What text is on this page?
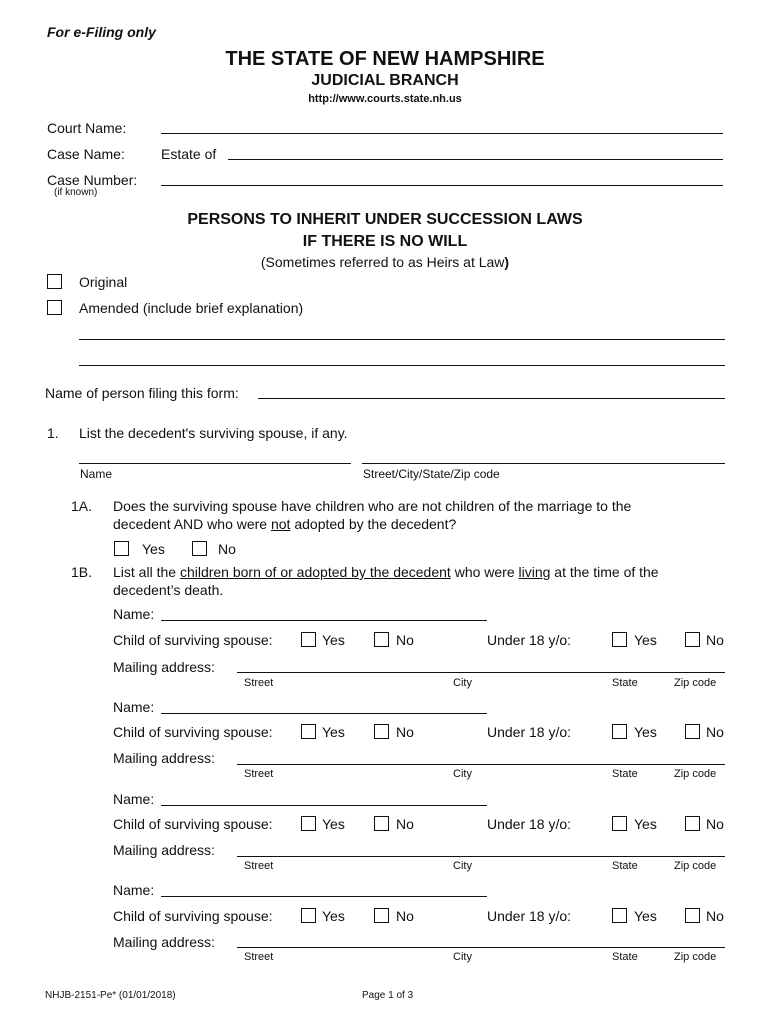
For e-Filing only
THE STATE OF NEW HAMPSHIRE
JUDICIAL BRANCH
http://www.courts.state.nh.us
Court Name:
Case Name:	Estate of
Case Number:
(if known)
PERSONS TO INHERIT UNDER SUCCESSION LAWS
IF THERE IS NO WILL
(Sometimes referred to as Heirs at Law)
Original
Amended (include brief explanation)
Name of person filing this form:
1. List the decedent's surviving spouse, if any.
Name	Street/City/State/Zip code
1A. Does the surviving spouse have children who are not children of the marriage to the
decedent AND who were not adopted by the decedent?
Yes	No
1B. List all the children born of or adopted by the decedent who were living at the time of the
decedent’s death.
Name:
Child of surviving spouse:	Yes	No	Under 18 y/o:	Yes	No
Mailing address:
Street	City	State	Zip code
Name:
Child of surviving spouse:	Yes	No	Under 18 y/o:	Yes	No
Mailing address:
Street	City	State	Zip code
Name:
Child of surviving spouse:	Yes	No	Under 18 y/o:	Yes	No
Mailing address:
Street	City	State	Zip code
Name:
Child of surviving spouse:	Yes	No	Under 18 y/o:	Yes	No
Mailing address:
Street	City	State	Zip code
NHJB-2151-Pe* (01/01/2018)	Page 1 of 3
